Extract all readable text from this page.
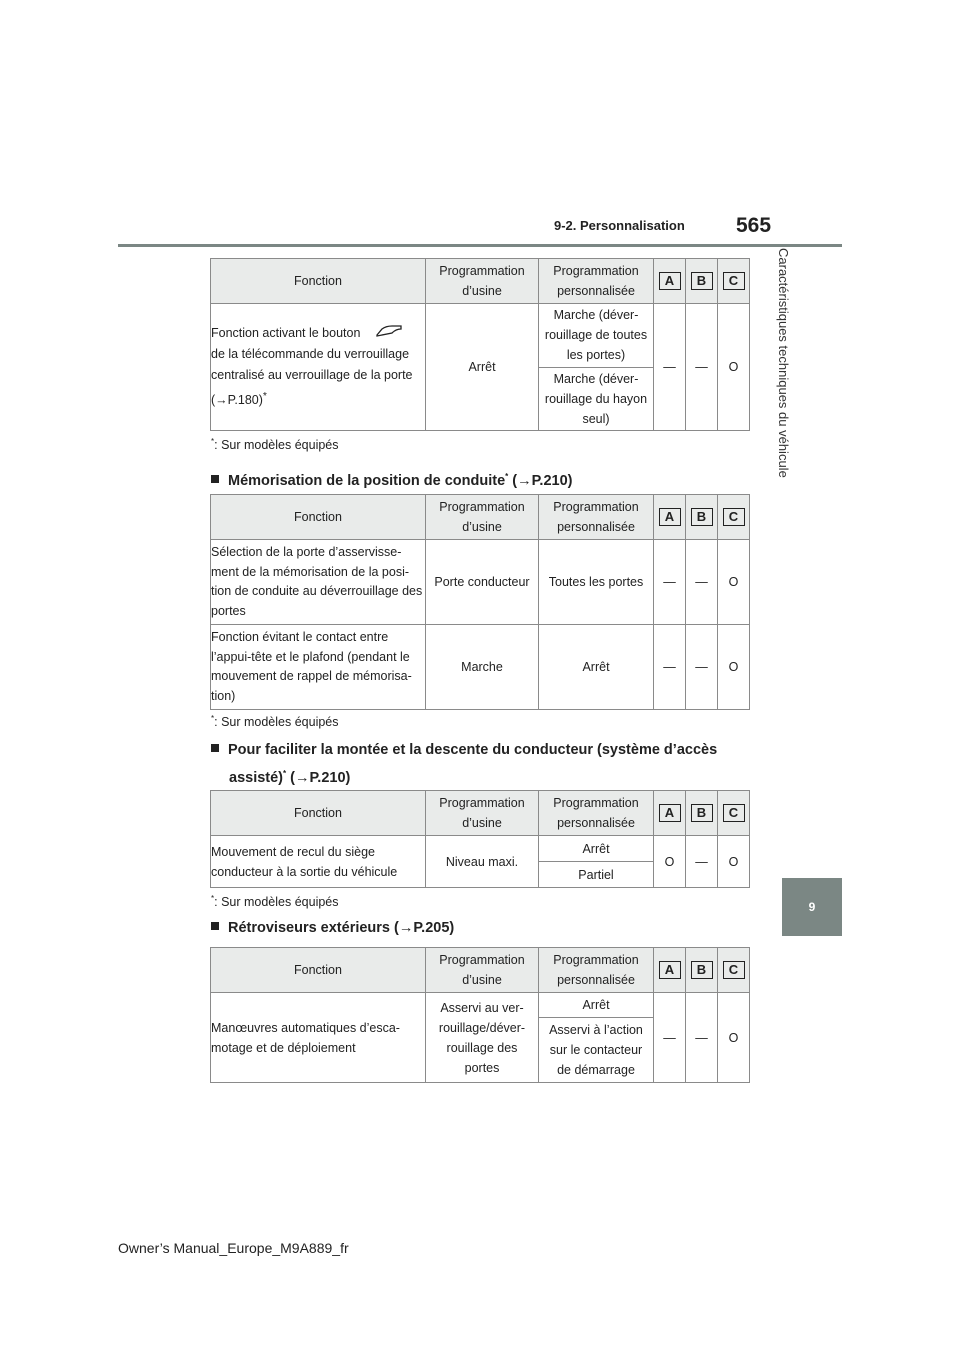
9-2. Personnalisation 565
Caractéristiques techniques du véhicule
9
Fonction	Programmation d’usine	Programmation personnalisée	A	B	C
Fonction activant le bouton
de la télécommande du verrouillage centralisé au verrouillage de la porte
(→P.180)*	Arrêt	Marche (déver-rouillage de toutes les portes)	—	—	O
		Marche (déver-rouillage du hayon seul)			
*: Sur modèles équipés
Mémorisation de la position de conduite* (→P.210)
Fonction	Programmation d’usine	Programmation personnalisée	A	B	C
Sélection de la porte d’asservisse-ment de la mémorisation de la posi-tion de conduite au déverrouillage des portes	Porte conducteur	Toutes les portes	—	—	O
Fonction évitant le contact entre l’appui-tête et le plafond (pendant le mouvement de rappel de mémorisa-tion)	Marche	Arrêt	—	—	O
*: Sur modèles équipés
Pour faciliter la montée et la descente du conducteur (système d’accès
assisté)* (→P.210)
Fonction	Programmation d’usine	Programmation personnalisée	A	B	C
Mouvement de recul du siège conducteur à la sortie du véhicule	Niveau maxi.	Arrêt	O	—	O
		Partiel			
*: Sur modèles équipés
Rétroviseurs extérieurs (→P.205)
Fonction	Programmation d’usine	Programmation personnalisée	A	B	C
Manœuvres automatiques d’esca-motage et de déploiement	Asservi au ver-rouillage/déver-rouillage des portes	Arrêt	—	—	O
		Asservi à l’action sur le contacteur de démarrage			
Owner’s Manual_Europe_M9A889_fr
